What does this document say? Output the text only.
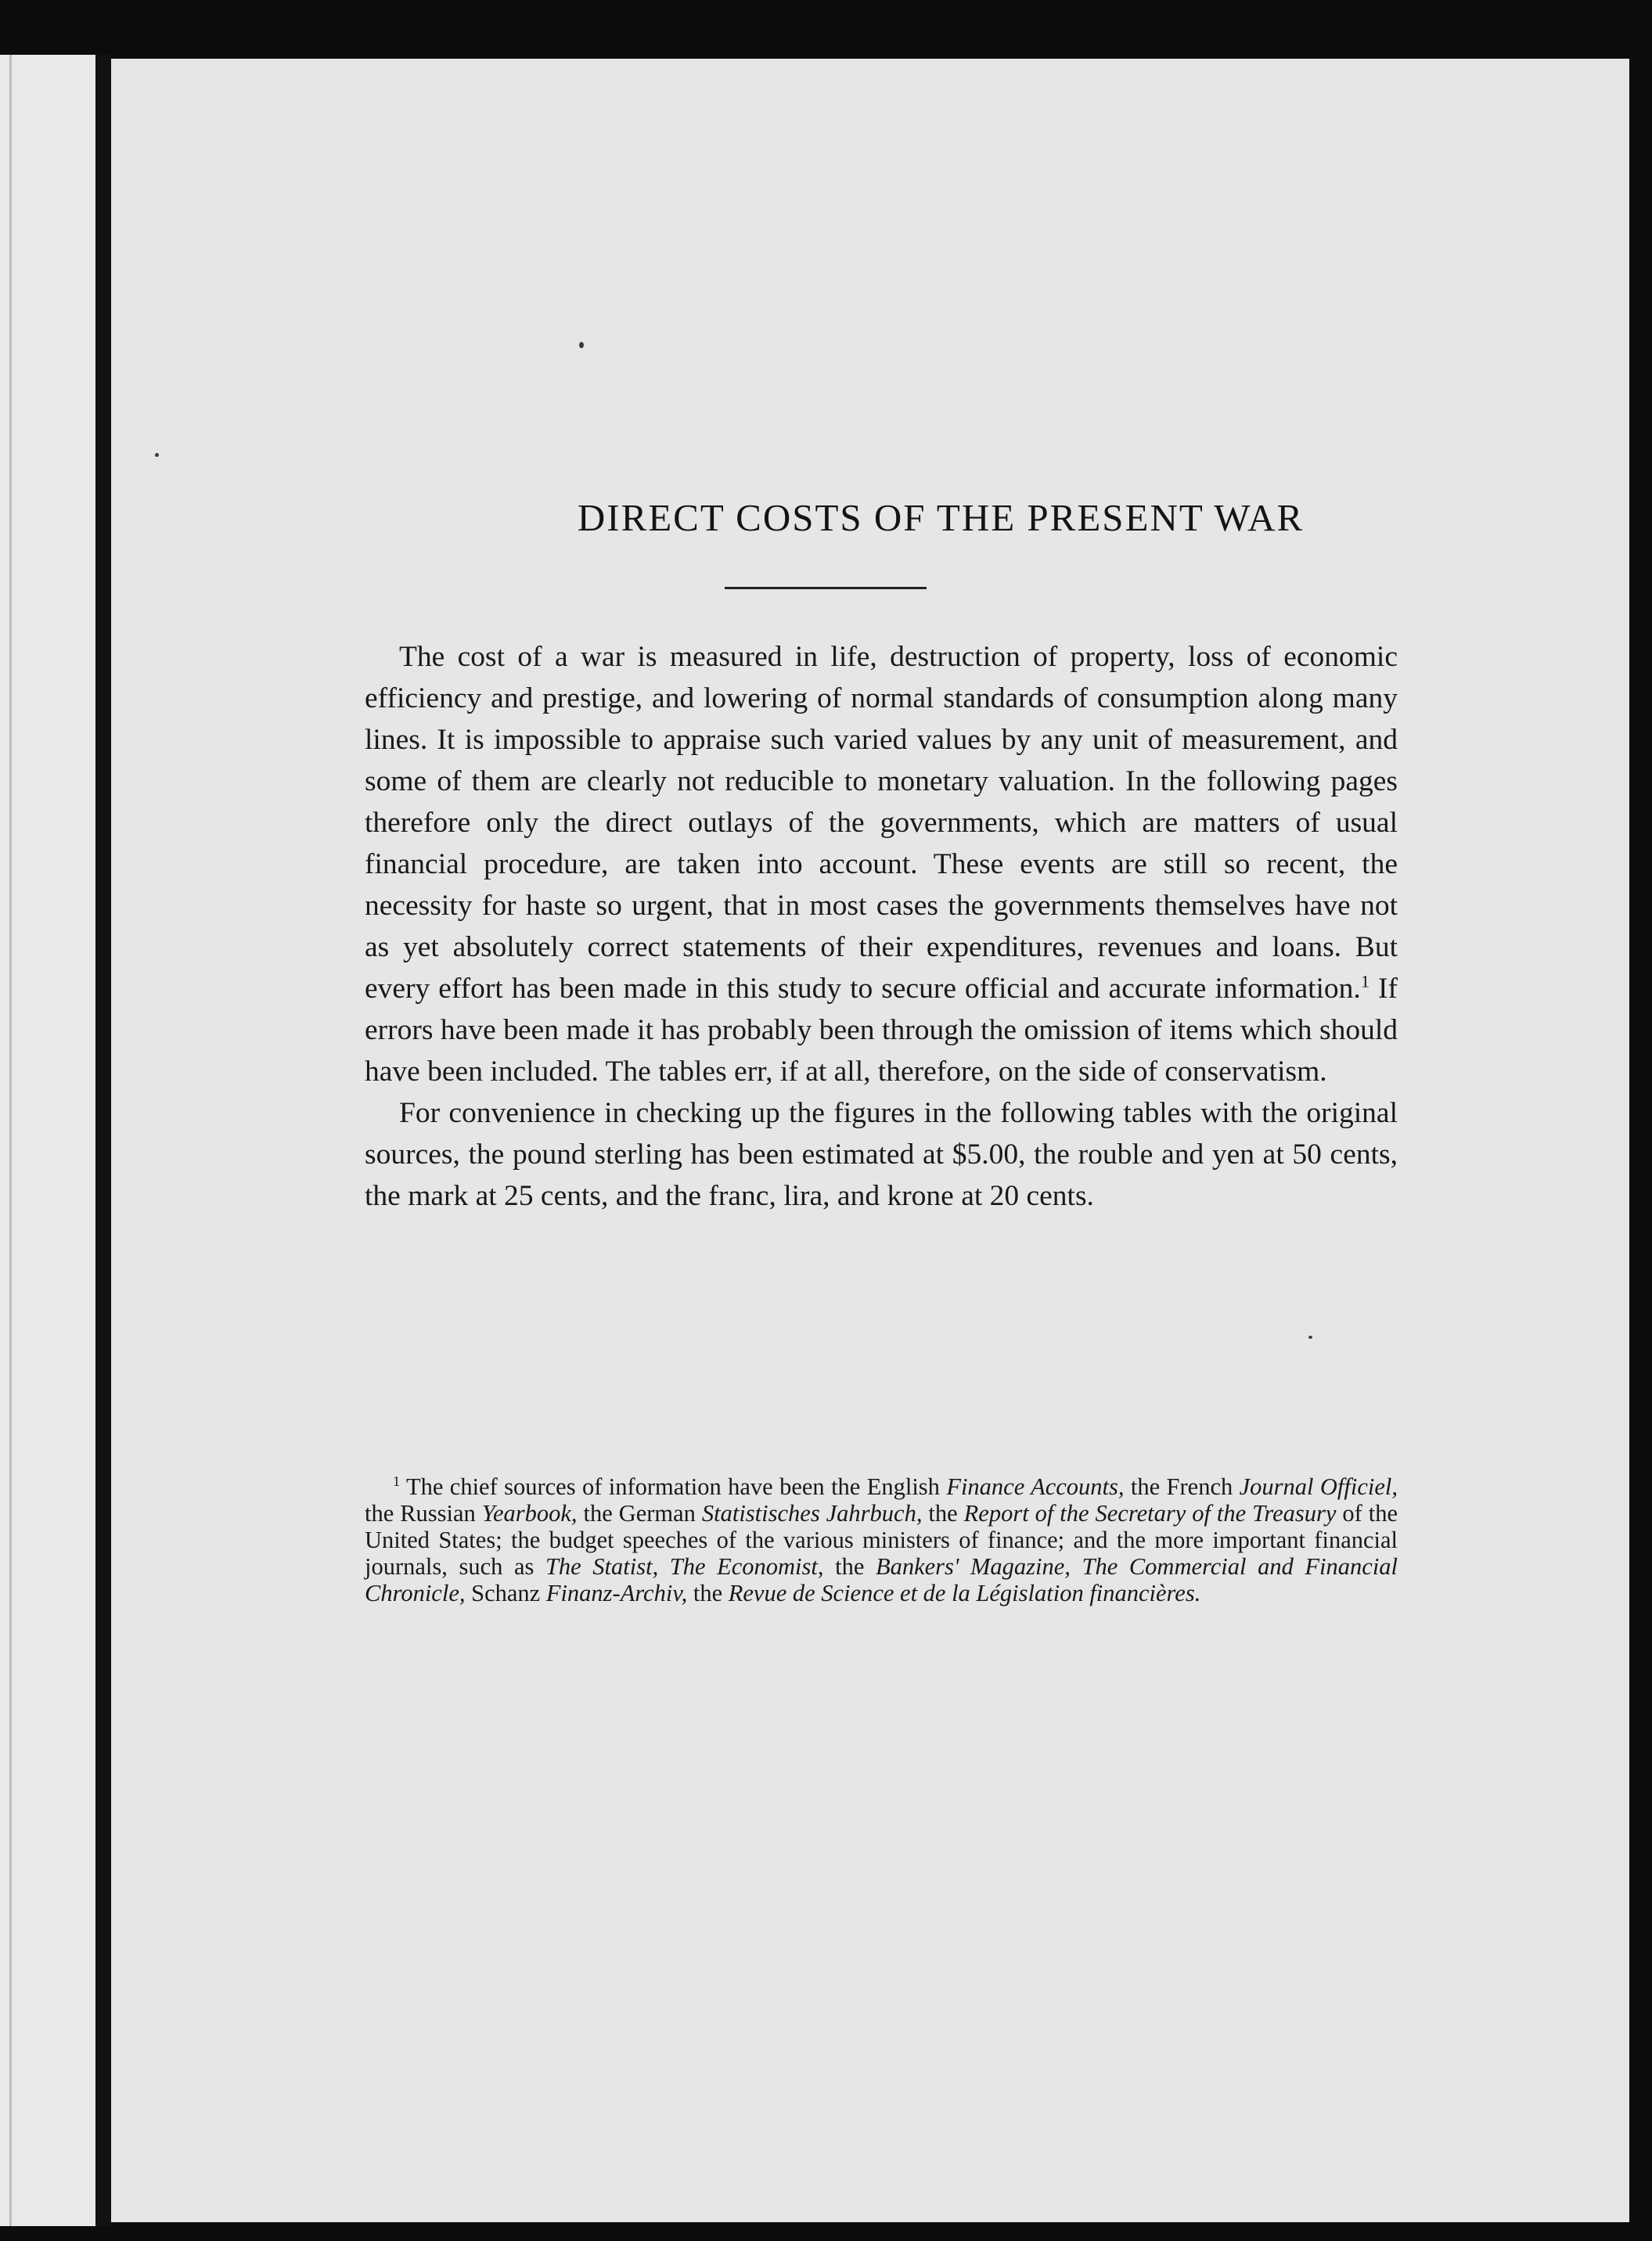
DIRECT COSTS OF THE PRESENT WAR

The cost of a war is measured in life, destruction of property, loss of economic efficiency and prestige, and lowering of normal standards of consumption along many lines. It is impossible to appraise such varied values by any unit of measurement, and some of them are clearly not reducible to monetary valuation. In the following pages therefore only the direct outlays of the governments, which are matters of usual financial procedure, are taken into account. These events are still so recent, the necessity for haste so urgent, that in most cases the governments themselves have not as yet absolutely correct statements of their expenditures, revenues and loans. But every effort has been made in this study to secure official and accurate information.$^1$ If errors have been made it has probably been through the omission of items which should have been included. The tables err, if at all, therefore, on the side of conservatism.

For convenience in checking up the figures in the following tables with the original sources, the pound sterling has been estimated at $5.00, the rouble and yen at 50 cents, the mark at 25 cents, and the franc, lira, and krone at 20 cents.

$^1$ The chief sources of information have been the English Finance Accounts, the French Journal Officiel, the Russian Yearbook, the German Statistisches Jahrbuch, the Report of the Secretary of the Treasury of the United States; the budget speeches of the various ministers of finance; and the more important financial journals, such as The Statist, The Economist, the Bankers' Magazine, The Commercial and Financial Chronicle, Schanz Finanz-Archiv, the Revue de Science et de la Législation financières.
